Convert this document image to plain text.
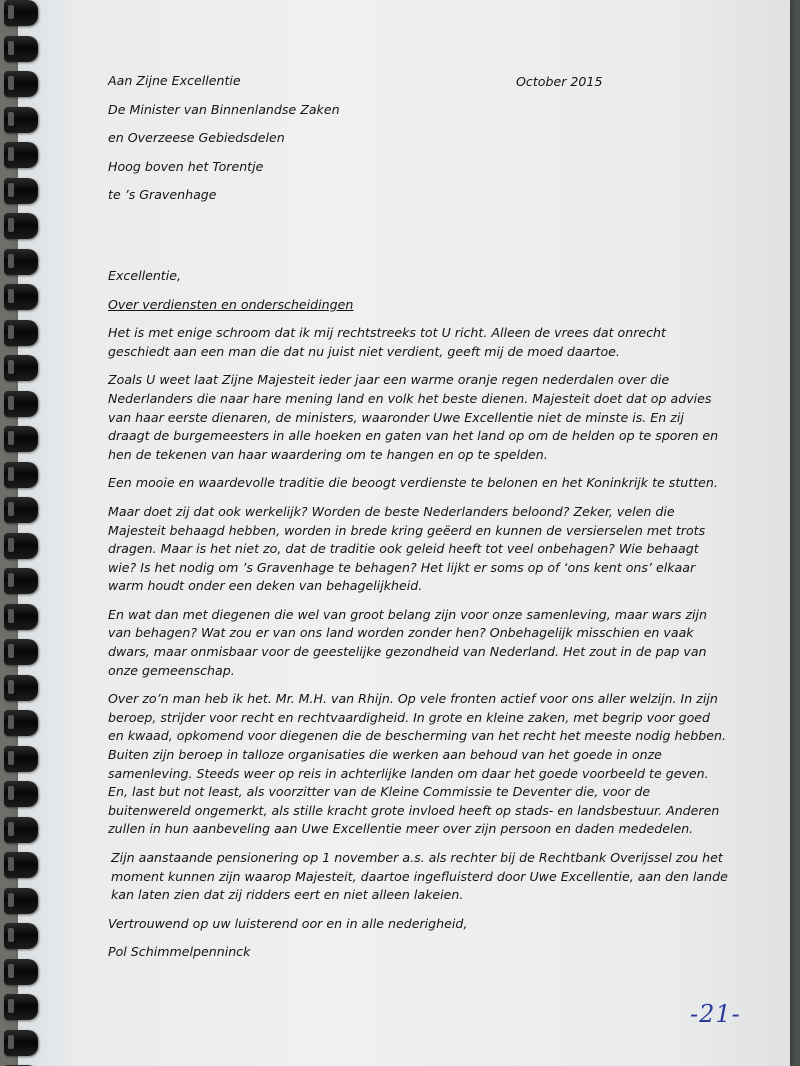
October 2015
Aan Zijne Excellentie
De Minister van Binnenlandse Zaken
en Overzeese Gebiedsdelen
Hoog boven het Torentje
te ’s Gravenhage
Excellentie,
Over verdiensten en onderscheidingen
Het is met enige schroom dat ik mij rechtstreeks tot U richt. Alleen de vrees dat onrecht geschiedt aan een man die dat nu juist niet verdient, geeft mij de moed daartoe.
Zoals U weet laat Zijne Majesteit ieder jaar een warme oranje regen nederdalen over die Nederlanders die naar hare mening land en volk het beste dienen. Majesteit doet dat op advies van haar eerste dienaren, de ministers, waaronder Uwe Excellentie niet de minste is. En zij draagt de burgemeesters in alle hoeken en gaten van het land op om de helden op te sporen en hen de tekenen van haar waardering om te hangen en op te spelden.
Een mooie en waardevolle traditie die beoogt verdienste te belonen en het Koninkrijk te stutten.
Maar doet zij dat ook werkelijk? Worden de beste Nederlanders beloond? Zeker, velen die Majesteit behaagd hebben, worden in brede kring geëerd en kunnen de versierselen met trots dragen. Maar is het niet zo, dat de traditie ook geleid heeft tot veel onbehagen? Wie behaagt wie? Is het nodig om ’s Gravenhage te behagen? Het lijkt er soms op of ‘ons kent ons’ elkaar warm houdt onder een deken van behagelijkheid.
En wat dan met diegenen die wel van groot belang zijn voor onze samenleving, maar wars zijn van behagen? Wat zou er van ons land worden zonder hen? Onbehagelijk misschien en vaak dwars, maar onmisbaar voor de geestelijke gezondheid van Nederland. Het zout in de pap van onze gemeenschap.
Over zo’n man heb ik het. Mr. M.H. van Rhijn. Op vele fronten actief voor ons aller welzijn. In zijn beroep, strijder voor recht en rechtvaardigheid. In grote en kleine zaken, met begrip voor goed en kwaad, opkomend voor diegenen die de bescherming van het recht het meeste nodig hebben. Buiten zijn beroep in talloze organisaties die werken aan behoud van het goede in onze samenleving. Steeds weer op reis in achterlijke landen om daar het goede voorbeeld te geven. En, last but not least, als voorzitter van de Kleine Commissie te Deventer die, voor de buitenwereld ongemerkt, als stille kracht grote invloed heeft op stads- en landsbestuur. Anderen zullen in hun aanbeveling aan Uwe Excellentie meer over zijn persoon en daden mededelen.
Zijn aanstaande pensionering op 1 november a.s. als rechter bij de Rechtbank Overijssel zou het moment kunnen zijn waarop Majesteit, daartoe ingefluisterd door Uwe Excellentie, aan den lande kan laten zien dat zij ridders eert en niet alleen lakeien.
Vertrouwend op uw luisterend oor en in alle nederigheid,
Pol Schimmelpenninck
-21-
